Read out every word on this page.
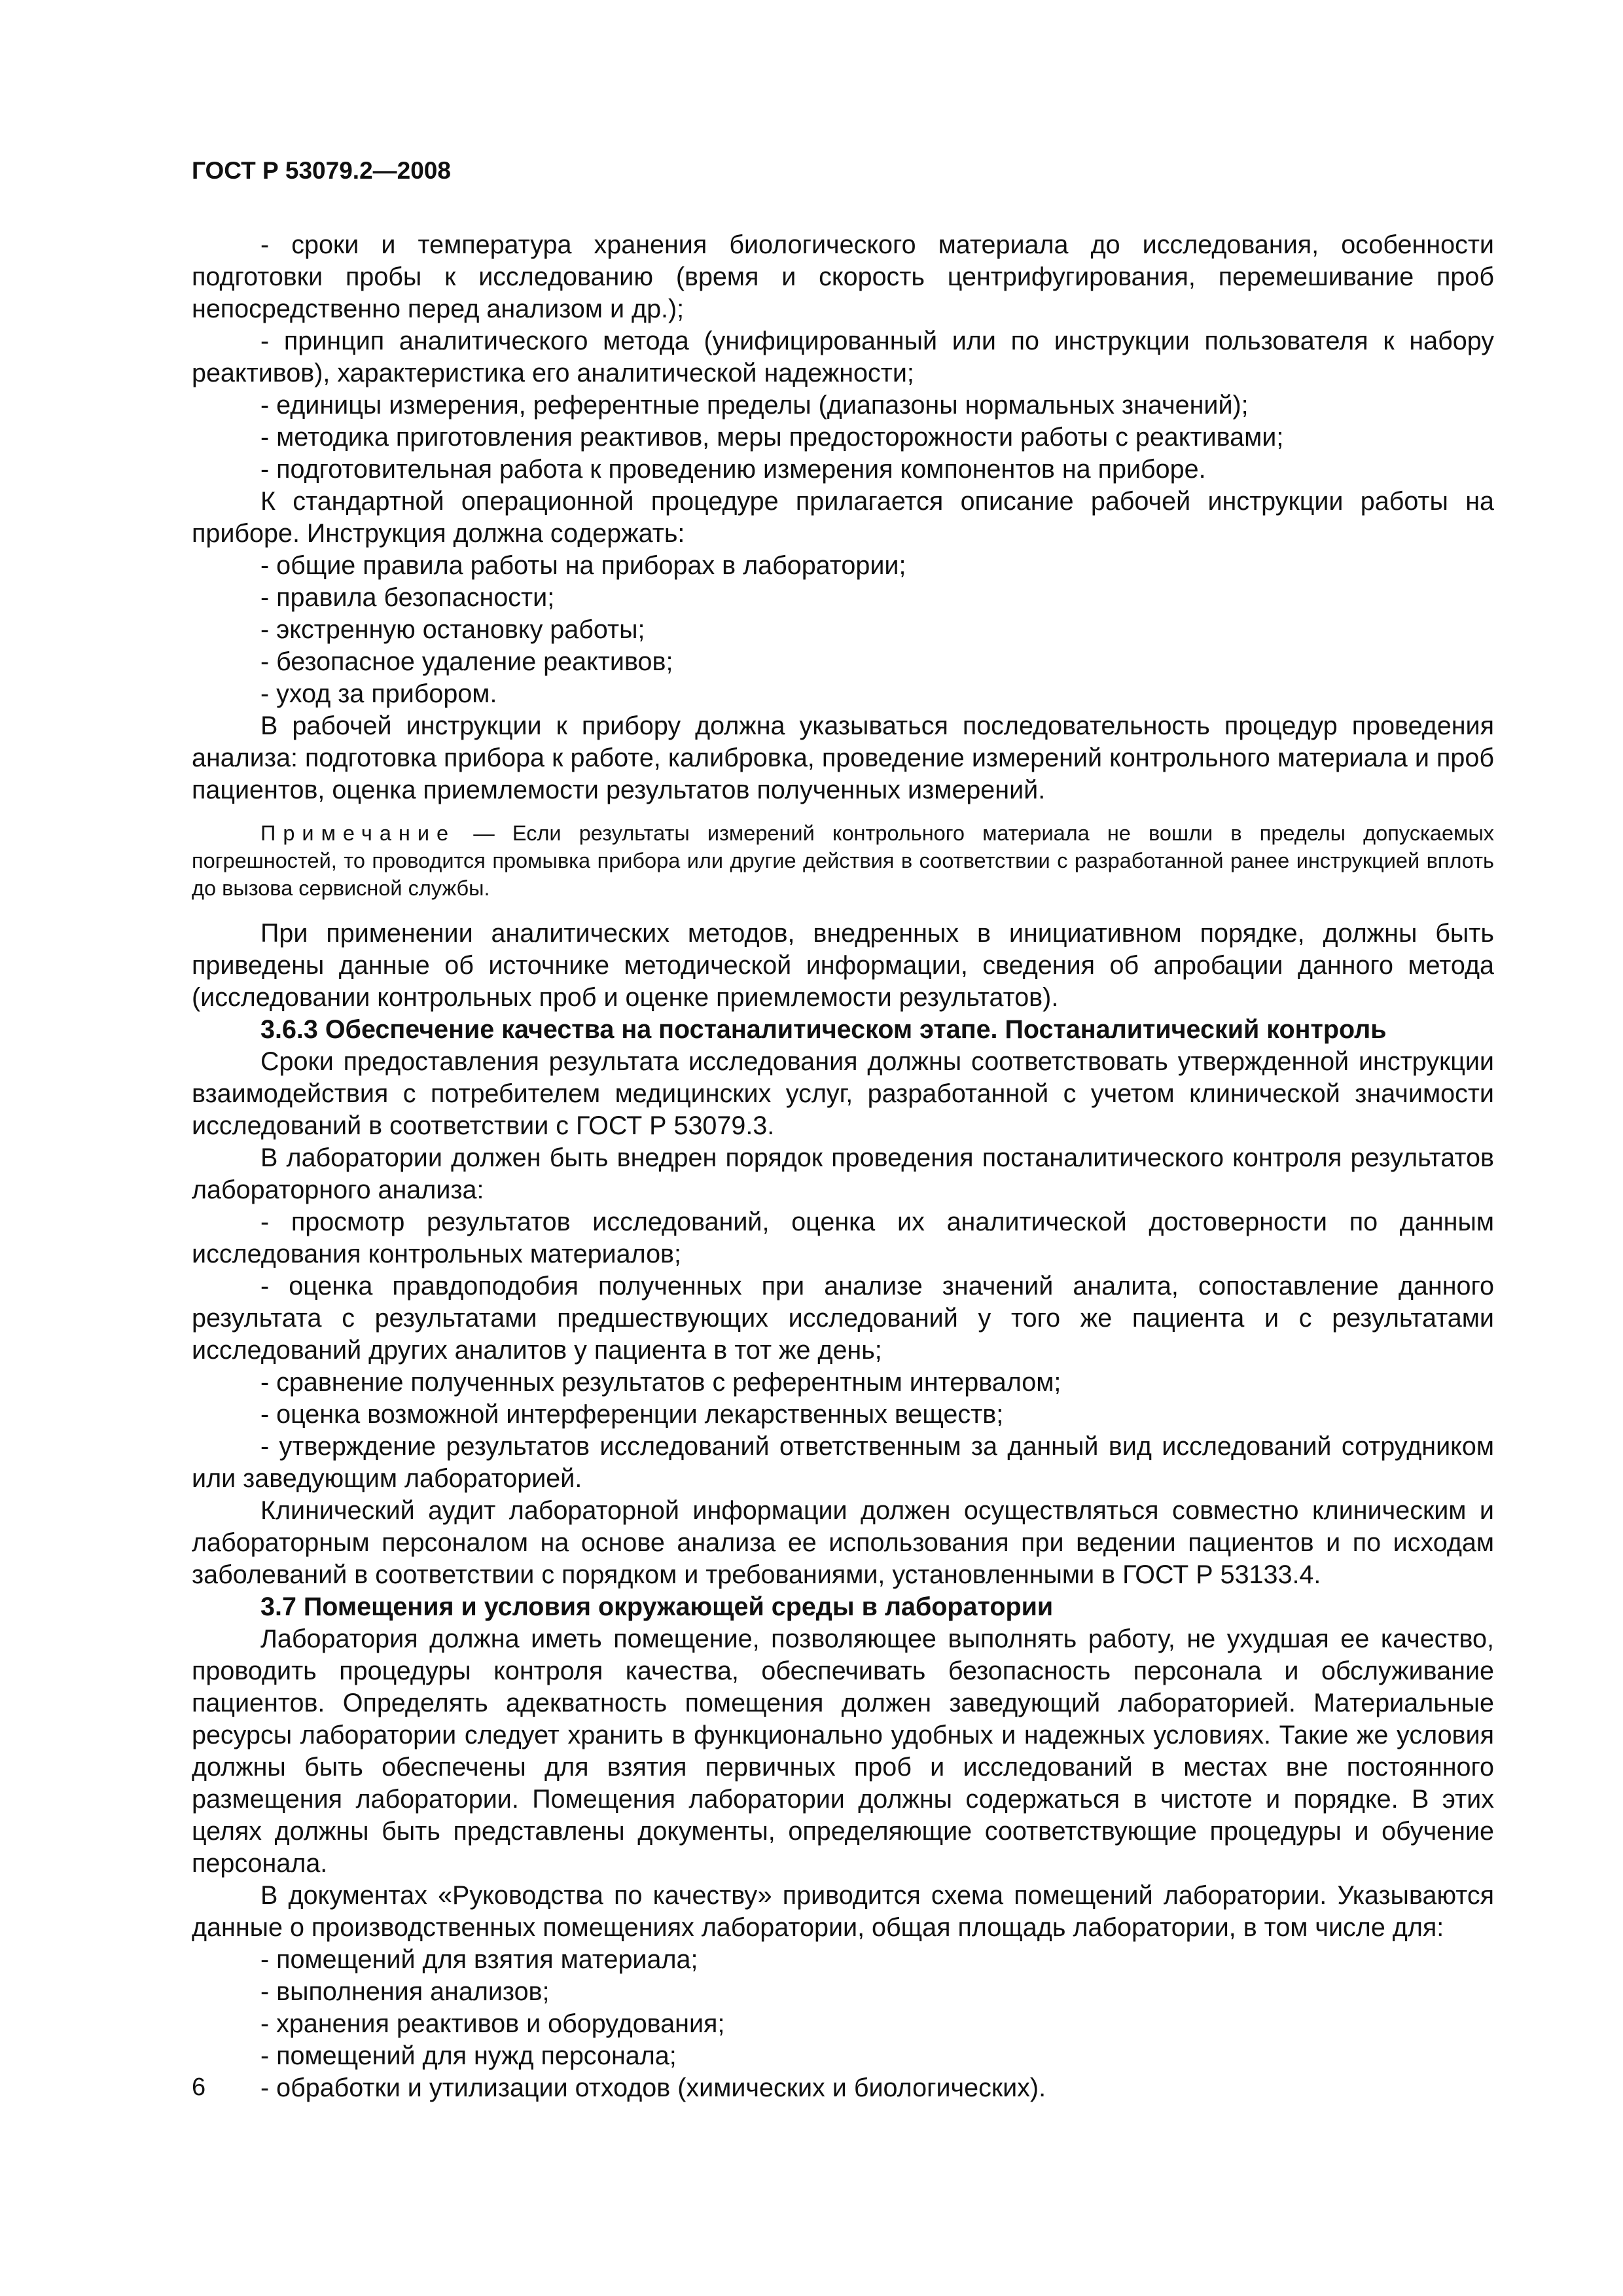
ГОСТ Р 53079.2—2008

- сроки и температура хранения биологического материала до исследования, особенности подготовки пробы к исследованию (время и скорость центрифугирования, перемешивание проб непосредственно перед анализом и др.);

- принцип аналитического метода (унифицированный или по инструкции пользователя к набору реактивов), характеристика его аналитической надежности;

- единицы измерения, референтные пределы (диапазоны нормальных значений);

- методика приготовления реактивов, меры предосторожности работы с реактивами;

- подготовительная работа к проведению измерения компонентов на приборе.

К стандартной операционной процедуре прилагается описание рабочей инструкции работы на приборе. Инструкция должна содержать:

- общие правила работы на приборах в лаборатории;

- правила безопасности;

- экстренную остановку работы;

- безопасное удаление реактивов;

- уход за прибором.

В рабочей инструкции к прибору должна указываться последовательность процедур проведения анализа: подготовка прибора к работе, калибровка, проведение измерений контрольного материала и проб пациентов, оценка приемлемости результатов полученных измерений.

Примечание — Если результаты измерений контрольного материала не вошли в пределы допускаемых погрешностей, то проводится промывка прибора или другие действия в соответствии с разработанной ранее инструкцией вплоть до вызова сервисной службы.

При применении аналитических методов, внедренных в инициативном порядке, должны быть приведены данные об источнике методической информации, сведения об апробации данного метода (исследовании контрольных проб и оценке приемлемости результатов).

3.6.3 Обеспечение качества на постаналитическом этапе. Постаналитический контроль

Сроки предоставления результата исследования должны соответствовать утвержденной инструкции взаимодействия с потребителем медицинских услуг, разработанной с учетом клинической значимости исследований в соответствии с ГОСТ Р 53079.3.

В лаборатории должен быть внедрен порядок проведения постаналитического контроля результатов лабораторного анализа:

- просмотр результатов исследований, оценка их аналитической достоверности по данным исследования контрольных материалов;

- оценка правдоподобия полученных при анализе значений аналита, сопоставление данного результата с результатами предшествующих исследований у того же пациента и с результатами исследований других аналитов у пациента в тот же день;

- сравнение полученных результатов с референтным интервалом;

- оценка возможной интерференции лекарственных веществ;

- утверждение результатов исследований ответственным за данный вид исследований сотрудником или заведующим лабораторией.

Клинический аудит лабораторной информации должен осуществляться совместно клиническим и лабораторным персоналом на основе анализа ее использования при ведении пациентов и по исходам заболеваний в соответствии с порядком и требованиями, установленными в ГОСТ Р 53133.4.

3.7 Помещения и условия окружающей среды в лаборатории

Лаборатория должна иметь помещение, позволяющее выполнять работу, не ухудшая ее качество, проводить процедуры контроля качества, обеспечивать безопасность персонала и обслуживание пациентов. Определять адекватность помещения должен заведующий лабораторией. Материальные ресурсы лаборатории следует хранить в функционально удобных и надежных условиях. Такие же условия должны быть обеспечены для взятия первичных проб и исследований в местах вне постоянного размещения лаборатории. Помещения лаборатории должны содержаться в чистоте и порядке. В этих целях должны быть представлены документы, определяющие соответствующие процедуры и обучение персонала.

В документах «Руководства по качеству» приводится схема помещений лаборатории. Указываются данные о производственных помещениях лаборатории, общая площадь лаборатории, в том числе для:

- помещений для взятия материала;

- выполнения анализов;

- хранения реактивов и оборудования;

- помещений для нужд персонала;

- обработки и утилизации отходов (химических и биологических).

6
